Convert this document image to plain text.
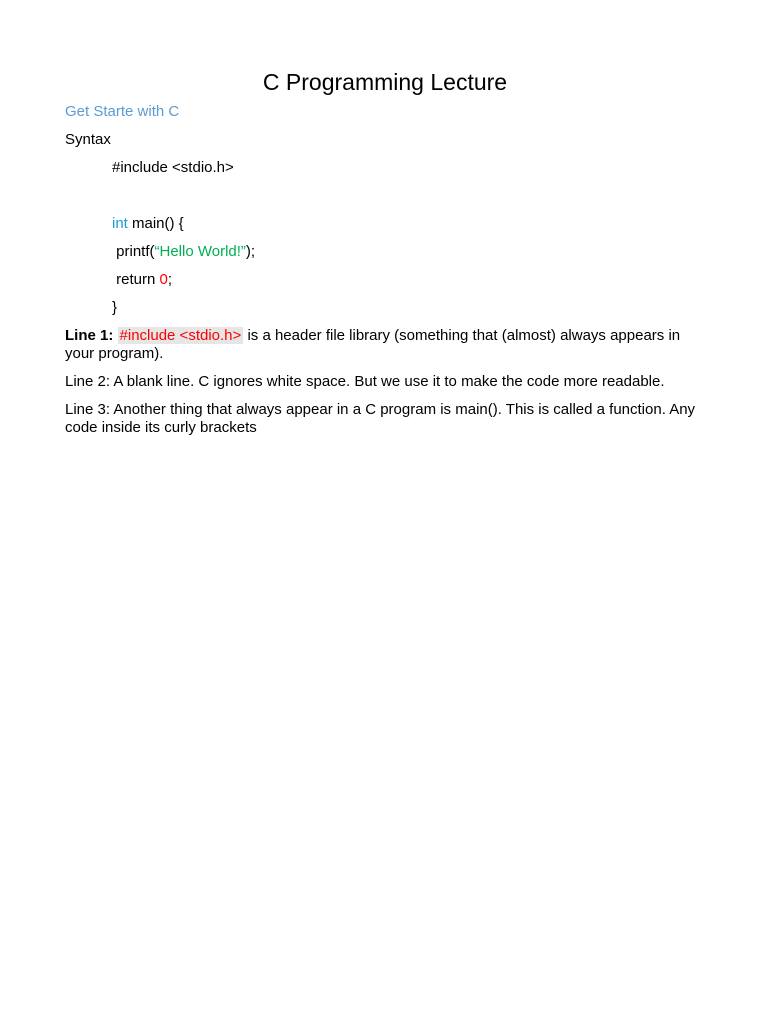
C Programming Lecture
Get Starte with C

Syntax

#include <stdio.h>
int main() {
printf(“Hello World!”);
return 0;
}

Line 1: #include <stdio.h> is a header file library (something that (almost) always appears in your program).

Line 2: A blank line. C ignores white space. But we use it to make the code more readable.

Line 3: Another thing that always appear in a C program is main(). This is called a function. Any code inside its curly brackets
